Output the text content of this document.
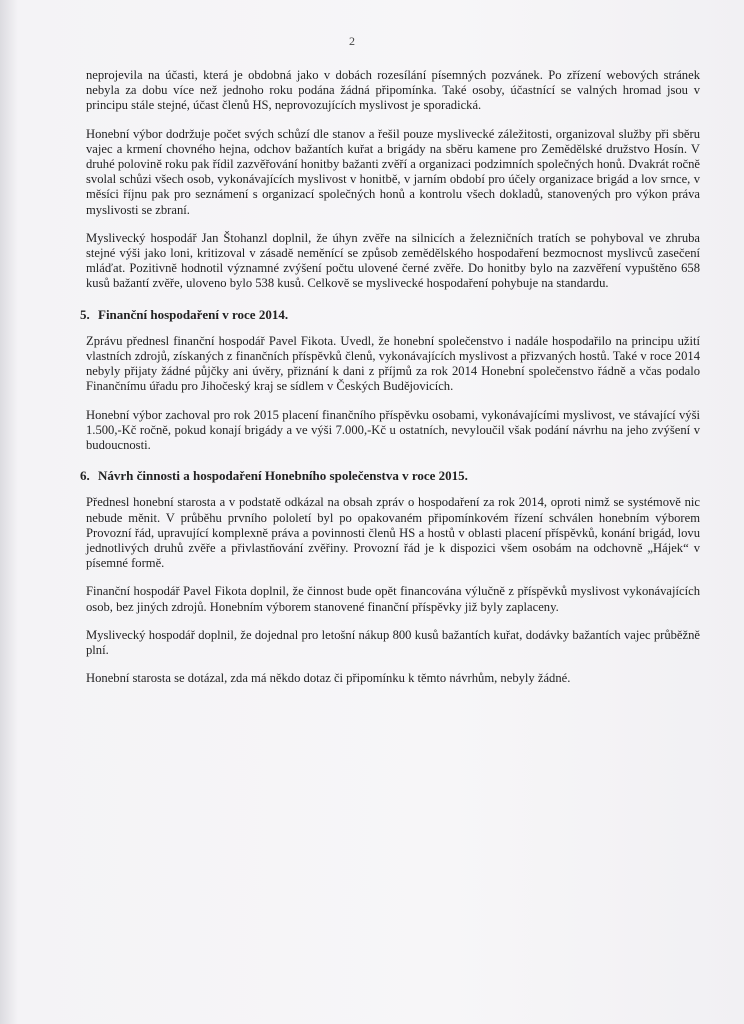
2

neprojevila na účasti, která je obdobná jako v dobách rozesílání písemných pozvánek. Po zřízení webových stránek nebyla za dobu více než jednoho roku podána žádná připomínka. Také osoby, účastnící se valných hromad jsou v principu stále stejné, účast členů HS, neprovozujících myslivost je sporadická.

Honební výbor dodržuje počet svých schůzí dle stanov a řešil pouze myslivecké záležitosti, organizoval služby při sběru vajec a krmení chovného hejna, odchov bažantích kuřat a brigády na sběru kamene pro Zemědělské družstvo Hosín. V druhé polovině roku pak řídil zazvěřování honitby bažanti zvěří a organizaci podzimních společných honů. Dvakrát ročně svolal schůzi všech osob, vykonávajících myslivost v honitbě, v jarním období pro účely organizace brigád a lov srnce, v měsíci říjnu pak pro seznámení s organizací společných honů a kontrolu všech dokladů, stanovených pro výkon práva myslivosti se zbraní.

Myslivecký hospodář Jan Štohanzl doplnil, že úhyn zvěře na silnicích a železničních tratích se pohyboval ve zhruba stejné výši jako loni, kritizoval v zásadě neměnící se způsob zemědělského hospodaření bezmocnost myslivců zasečení mláďat. Pozitivně hodnotil významné zvýšení počtu ulovené černé zvěře. Do honitby bylo na zazvěření vypuštěno 658 kusů bažantí zvěře, uloveno bylo 538 kusů. Celkově se myslivecké hospodaření pohybuje na standardu.

5. Finanční hospodaření v roce 2014.

Zprávu přednesl finanční hospodář Pavel Fikota. Uvedl, že honební společenstvo i nadále hospodařilo na principu užití vlastních zdrojů, získaných z finančních příspěvků členů, vykonávajících myslivost a přizvaných hostů. Také v roce 2014 nebyly přijaty žádné půjčky ani úvěry, přiznání k dani z příjmů za rok 2014 Honební společenstvo řádně a včas podalo Finančnímu úřadu pro Jihočeský kraj se sídlem v Českých Budějovicích.

Honební výbor zachoval pro rok 2015 placení finančního příspěvku osobami, vykonávajícími myslivost, ve stávající výši 1.500,-Kč ročně, pokud konají brigády a ve výši 7.000,-Kč u ostatních, nevyloučil však podání návrhu na jeho zvýšení v budoucnosti.

6. Návrh činnosti a hospodaření Honebního společenstva v roce 2015.

Přednesl honební starosta a v podstatě odkázal na obsah zpráv o hospodaření za rok 2014, oproti nimž se systémově nic nebude měnit. V průběhu prvního pololetí byl po opakovaném připomínkovém řízení schválen honebním výborem Provozní řád, upravující komplexně práva a povinnosti členů HS a hostů v oblasti placení příspěvků, konání brigád, lovu jednotlivých druhů zvěře a přivlastňování zvěřiny. Provozní řád je k dispozici všem osobám na odchovně „Hájek“ v písemné formě.

Finanční hospodář Pavel Fikota doplnil, že činnost bude opět financována výlučně z příspěvků myslivost vykonávajících osob, bez jiných zdrojů. Honebním výborem stanovené finanční příspěvky již byly zaplaceny.

Myslivecký hospodář doplnil, že dojednal pro letošní nákup 800 kusů bažantích kuřat, dodávky bažantích vajec průběžně plní.

Honební starosta se dotázal, zda má někdo dotaz či připomínku k těmto návrhům, nebyly žádné.
